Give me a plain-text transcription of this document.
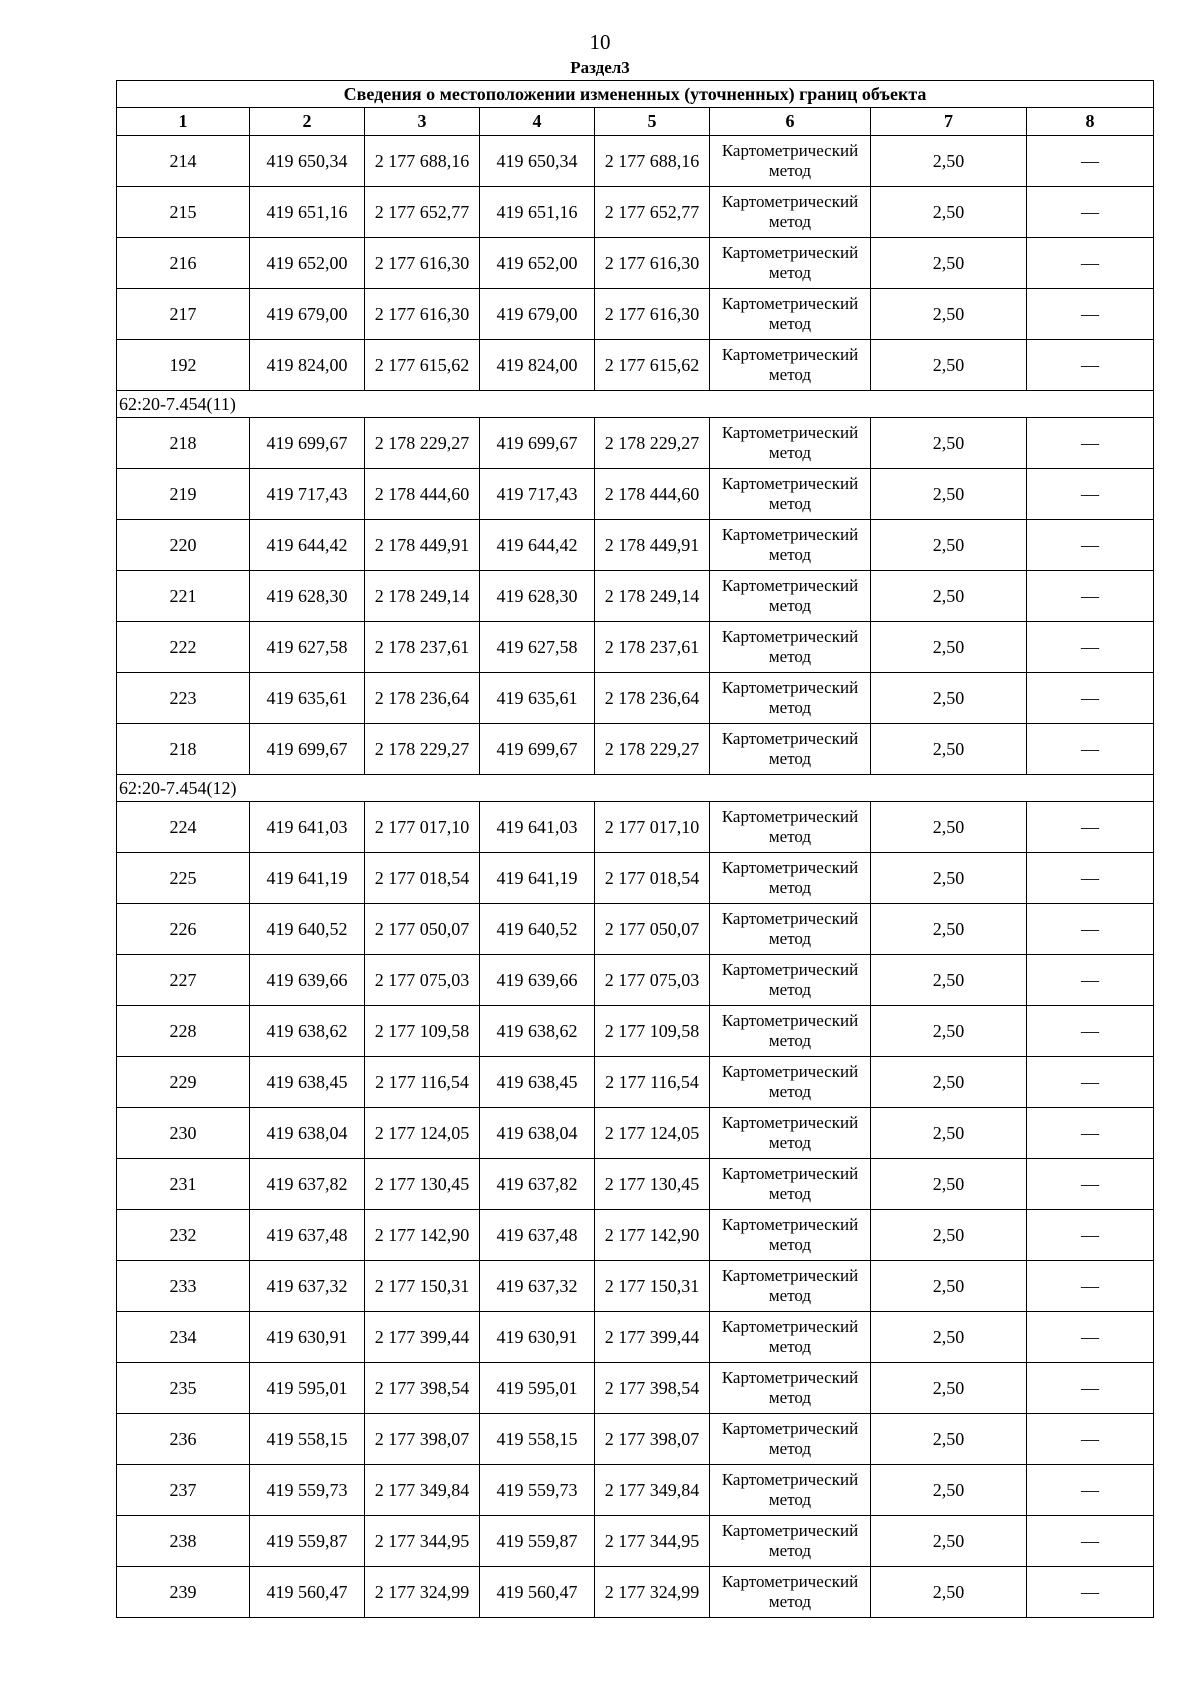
10
Раздел3
Сведения о местоположении измененных (уточненных) границ объекта							
1	2	3	4	5	6	7	8
214	419 650,34	2 177 688,16	419 650,34	2 177 688,16	Картометрический метод	2,50	—
215	419 651,16	2 177 652,77	419 651,16	2 177 652,77	Картометрический метод	2,50	—
216	419 652,00	2 177 616,30	419 652,00	2 177 616,30	Картометрический метод	2,50	—
217	419 679,00	2 177 616,30	419 679,00	2 177 616,30	Картометрический метод	2,50	—
192	419 824,00	2 177 615,62	419 824,00	2 177 615,62	Картометрический метод	2,50	—
62:20-7.454(11)							
218	419 699,67	2 178 229,27	419 699,67	2 178 229,27	Картометрический метод	2,50	—
219	419 717,43	2 178 444,60	419 717,43	2 178 444,60	Картометрический метод	2,50	—
220	419 644,42	2 178 449,91	419 644,42	2 178 449,91	Картометрический метод	2,50	—
221	419 628,30	2 178 249,14	419 628,30	2 178 249,14	Картометрический метод	2,50	—
222	419 627,58	2 178 237,61	419 627,58	2 178 237,61	Картометрический метод	2,50	—
223	419 635,61	2 178 236,64	419 635,61	2 178 236,64	Картометрический метод	2,50	—
218	419 699,67	2 178 229,27	419 699,67	2 178 229,27	Картометрический метод	2,50	—
62:20-7.454(12)							
224	419 641,03	2 177 017,10	419 641,03	2 177 017,10	Картометрический метод	2,50	—
225	419 641,19	2 177 018,54	419 641,19	2 177 018,54	Картометрический метод	2,50	—
226	419 640,52	2 177 050,07	419 640,52	2 177 050,07	Картометрический метод	2,50	—
227	419 639,66	2 177 075,03	419 639,66	2 177 075,03	Картометрический метод	2,50	—
228	419 638,62	2 177 109,58	419 638,62	2 177 109,58	Картометрический метод	2,50	—
229	419 638,45	2 177 116,54	419 638,45	2 177 116,54	Картометрический метод	2,50	—
230	419 638,04	2 177 124,05	419 638,04	2 177 124,05	Картометрический метод	2,50	—
231	419 637,82	2 177 130,45	419 637,82	2 177 130,45	Картометрический метод	2,50	—
232	419 637,48	2 177 142,90	419 637,48	2 177 142,90	Картометрический метод	2,50	—
233	419 637,32	2 177 150,31	419 637,32	2 177 150,31	Картометрический метод	2,50	—
234	419 630,91	2 177 399,44	419 630,91	2 177 399,44	Картометрический метод	2,50	—
235	419 595,01	2 177 398,54	419 595,01	2 177 398,54	Картометрический метод	2,50	—
236	419 558,15	2 177 398,07	419 558,15	2 177 398,07	Картометрический метод	2,50	—
237	419 559,73	2 177 349,84	419 559,73	2 177 349,84	Картометрический метод	2,50	—
238	419 559,87	2 177 344,95	419 559,87	2 177 344,95	Картометрический метод	2,50	—
239	419 560,47	2 177 324,99	419 560,47	2 177 324,99	Картометрический метод	2,50	—
